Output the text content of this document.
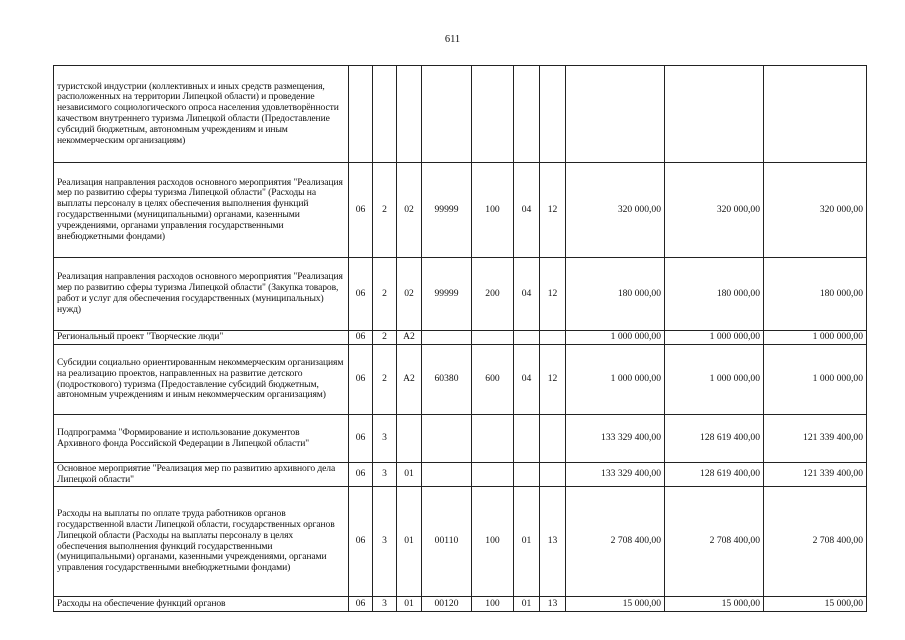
611
туристской индустрии (коллективных и иных средств размещения, расположенных на территории Липецкой области) и проведение независимого социологического опроса населения удовлетворённости качеством внутреннего туризма Липецкой области (Предоставление субсидий бюджетным, автономным учреждениям и иным некоммерческим организациям)										
Реализация направления расходов основного мероприятия "Реализация мер по развитию сферы туризма Липецкой области" (Расходы на выплаты персоналу в целях обеспечения выполнения функций государственными (муниципальными) органами, казенными учреждениями, органами управления государственными внебюджетными фондами)	06	2	02	99999	100	04	12	320 000,00	320 000,00	320 000,00
Реализация направления расходов основного мероприятия "Реализация мер по развитию сферы туризма Липецкой области" (Закупка товаров, работ и услуг для обеспечения государственных (муниципальных) нужд)	06	2	02	99999	200	04	12	180 000,00	180 000,00	180 000,00
Региональный проект "Творческие люди"	06	2	A2					1 000 000,00	1 000 000,00	1 000 000,00
Субсидии социально ориентированным некоммерческим организациям на реализацию проектов, направленных на развитие детского (подросткового) туризма (Предоставление субсидий бюджетным, автономным учреждениям и иным некоммерческим организациям)	06	2	A2	60380	600	04	12	1 000 000,00	1 000 000,00	1 000 000,00
Подпрограмма "Формирование и использование документов Архивного фонда Российской Федерации в Липецкой области"	06	3						133 329 400,00	128 619 400,00	121 339 400,00
Основное мероприятие "Реализация мер по развитию архивного дела Липецкой области"	06	3	01					133 329 400,00	128 619 400,00	121 339 400,00
Расходы на выплаты по оплате труда работников органов государственной власти Липецкой области, государственных органов Липецкой области (Расходы на выплаты персоналу в целях обеспечения выполнения функций государственными (муниципальными) органами, казенными учреждениями, органами управления государственными внебюджетными фондами)	06	3	01	00110	100	01	13	2 708 400,00	2 708 400,00	2 708 400,00
Расходы на обеспечение функций органов	06	3	01	00120	100	01	13	15 000,00	15 000,00	15 000,00
